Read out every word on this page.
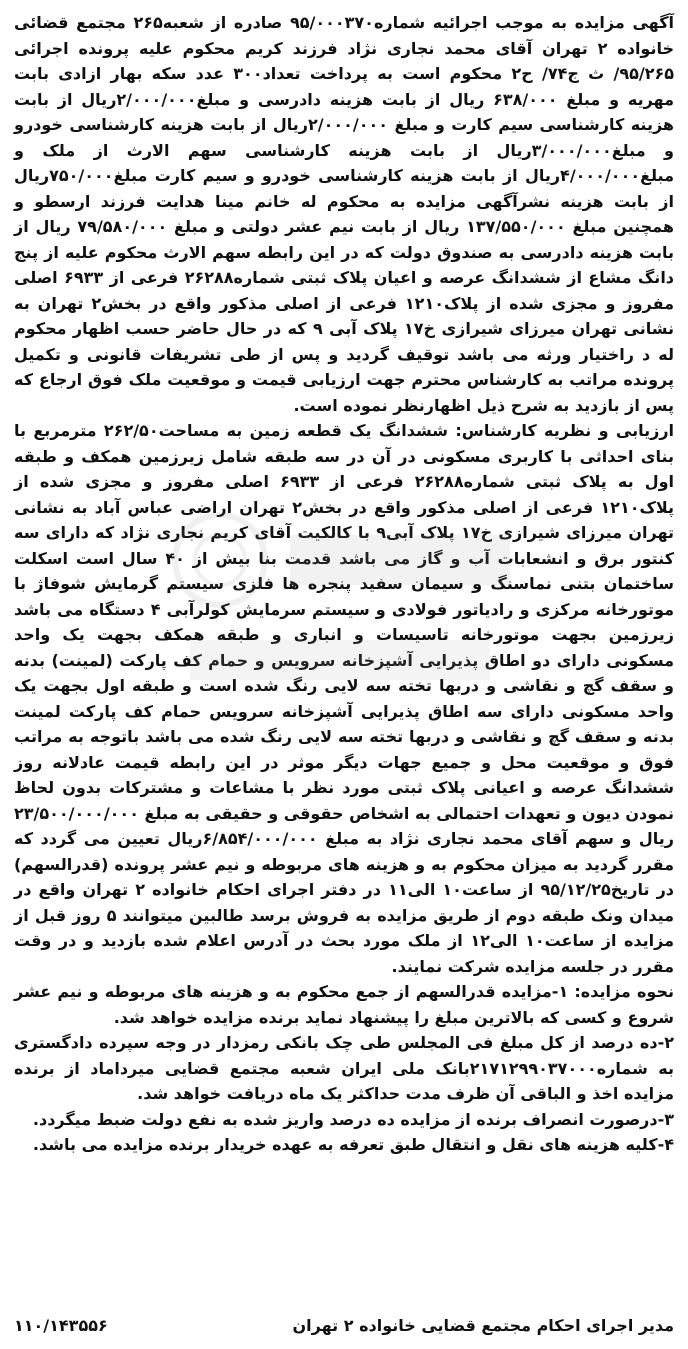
آگهی مزایده به موجب اجرائیه شماره۹۵/۰۰۰۳۷۰ صادره از شعبه۲۶۵ مجتمع قضائی خانواده ۲ تهران آقای محمد نجاری نژاد فرزند کریم محکوم علیه پرونده اجرائی ۹۵/۲۶۵/ ث ج۷۴/ ح۲ محکوم است به پرداخت تعداد۳۰۰ عدد سکه بهار ازادی بابت مهریه و مبلغ ۶۳۸/۰۰۰ ریال از بابت هزینه دادرسی و مبلغ۲/۰۰۰/۰۰۰ریال از بابت هزینه کارشناسی سیم کارت و مبلغ ۲/۰۰۰/۰۰۰ریال از بابت هزینه کارشناسی خودرو و مبلغ۳/۰۰۰/۰۰۰ریال از بابت هزینه کارشناسی سهم الارث از ملک و مبلغ۴/۰۰۰/۰۰۰ریال از بابت هزینه کارشناسی خودرو و سیم کارت مبلغ۷۵۰/۰۰۰ریال از بابت هزینه نشرآگهی مزایده به محکوم له خانم مینا هدایت فرزند ارسطو و همچنین مبلغ ۱۳۷/۵۵۰/۰۰۰ ریال از بابت نیم عشر دولتی و مبلغ ۷۹/۵۸۰/۰۰۰ ریال از بابت هزینه دادرسی به صندوق دولت که در این رابطه سهم الارث محکوم علیه از پنج دانگ مشاع از ششدانگ عرصه و اعیان پلاک ثبتی شماره۲۶۲۸۸ فرعی از ۶۹۳۳ اصلی مفروز و مجزی شده از پلاک۱۲۱۰ فرعی از اصلی مذکور واقع در بخش۲ تهران به نشانی تهران میرزای شیرازی خ۱۷ پلاک آبی ۹ که در حال حاضر حسب اظهار محکوم له د راختیار ورثه می باشد توقیف گردید و پس از طی تشریفات قانونی و تکمیل پرونده مراتب به کارشناس محترم جهت ارزیابی قیمت و موقعیت ملک فوق ارجاع که پس از بازدید به شرح ذیل اظهارنظر نموده است.

ارزیابی و نظریه کارشناس: ششدانگ یک قطعه زمین به مساحت۲۶۲/۵۰ مترمربع با بنای احداثی با کاربری مسکونی در آن در سه طبقه شامل زیرزمین همکف و طبقه اول به پلاک ثبتی شماره۲۶۲۸۸ فرعی از ۶۹۳۳ اصلی مفروز و مجزی شده از پلاک۱۲۱۰ فرعی از اصلی مذکور واقع در بخش۲ تهران اراضی عباس آباد به نشانی تهران میرزای شیرازی خ۱۷ پلاک آبی۹ با کالکیت آقای کریم نجاری نژاد که دارای سه کنتور برق و انشعابات آب و گاز می باشد قدمت بنا بیش از ۴۰ سال است اسکلت ساختمان بتنی نماسنگ و سیمان سفید پنجره ها فلزی سیستم گرمایش شوفاژ با موتورخانه مرکزی و رادیاتور فولادی و سیستم سرمایش کولرآبی ۴ دستگاه می باشد زیرزمین بجهت موتورخانه تاسیسات و انباری و طبقه همکف بجهت یک واحد مسکونی دارای دو اطاق پذیرایی آشپزخانه سرویس و حمام کف پارکت (لمینت) بدنه و سقف گچ و نقاشی و دربها تخته سه لایی رنگ شده است و طبقه اول بجهت یک واحد مسکونی دارای سه اطاق پذیرایی آشپزخانه سرویس حمام کف پارکت لمینت بدنه و سقف گچ و نقاشی و دربها تخته سه لایی رنگ شده می باشد باتوجه به مراتب فوق و موقعیت محل و جمیع جهات دیگر موثر در این رابطه قیمت عادلانه روز ششدانگ عرصه و اعیانی پلاک ثبتی مورد نظر با مشاعات و مشترکات بدون لحاظ نمودن دیون و تعهدات احتمالی به اشخاص حقوقی و حقیقی به مبلغ ۲۳/۵۰۰/۰۰۰/۰۰۰ ریال و سهم آقای محمد نجاری نژاد به مبلغ ۶/۸۵۴/۰۰۰/۰۰۰ریال تعیین می گردد که مقرر گردید به میزان محکوم به و هزینه های مربوطه و نیم عشر پرونده (قدرالسهم) در تاریخ۹۵/۱۲/۲۵ از ساعت۱۰ الی۱۱ در دفتر اجرای احکام خانواده ۲ تهران واقع در میدان ونک طبقه دوم از طریق مزایده به فروش برسد طالبین میتوانند ۵ روز قبل از مزایده از ساعت۱۰ الی۱۲ از ملک مورد بحث در آدرس اعلام شده بازدید و در وقت مقرر در جلسه مزایده شرکت نمایند.

نحوه مزایده: ۱-مزایده قدرالسهم از جمع محکوم به و هزینه های مربوطه و نیم عشر شروع و کسی که بالاترین مبلغ را پیشنهاد نماید برنده مزایده خواهد شد.

۲-ده درصد از کل مبلغ فی المجلس طی چک بانکی رمزدار در وجه سپرده دادگستری به شماره۲۱۷۱۲۹۹۰۳۷۰۰۰بانک ملی ایران شعبه مجتمع قضایی میرداماد از برنده مزایده اخذ و الباقی آن ظرف مدت حداکثر یک ماه دریافت خواهد شد.

۳-درصورت انصراف برنده از مزایده ده درصد واریز شده به نفع دولت ضبط میگردد.

۴-کلیه هزینه های نقل و انتقال طبق تعرفه به عهده خریدار برنده مزایده می باشد.

مدیر اجرای احکام مجتمع قضایی خانواده ۲ تهران
۱۱۰/۱۴۳۵۵۶
